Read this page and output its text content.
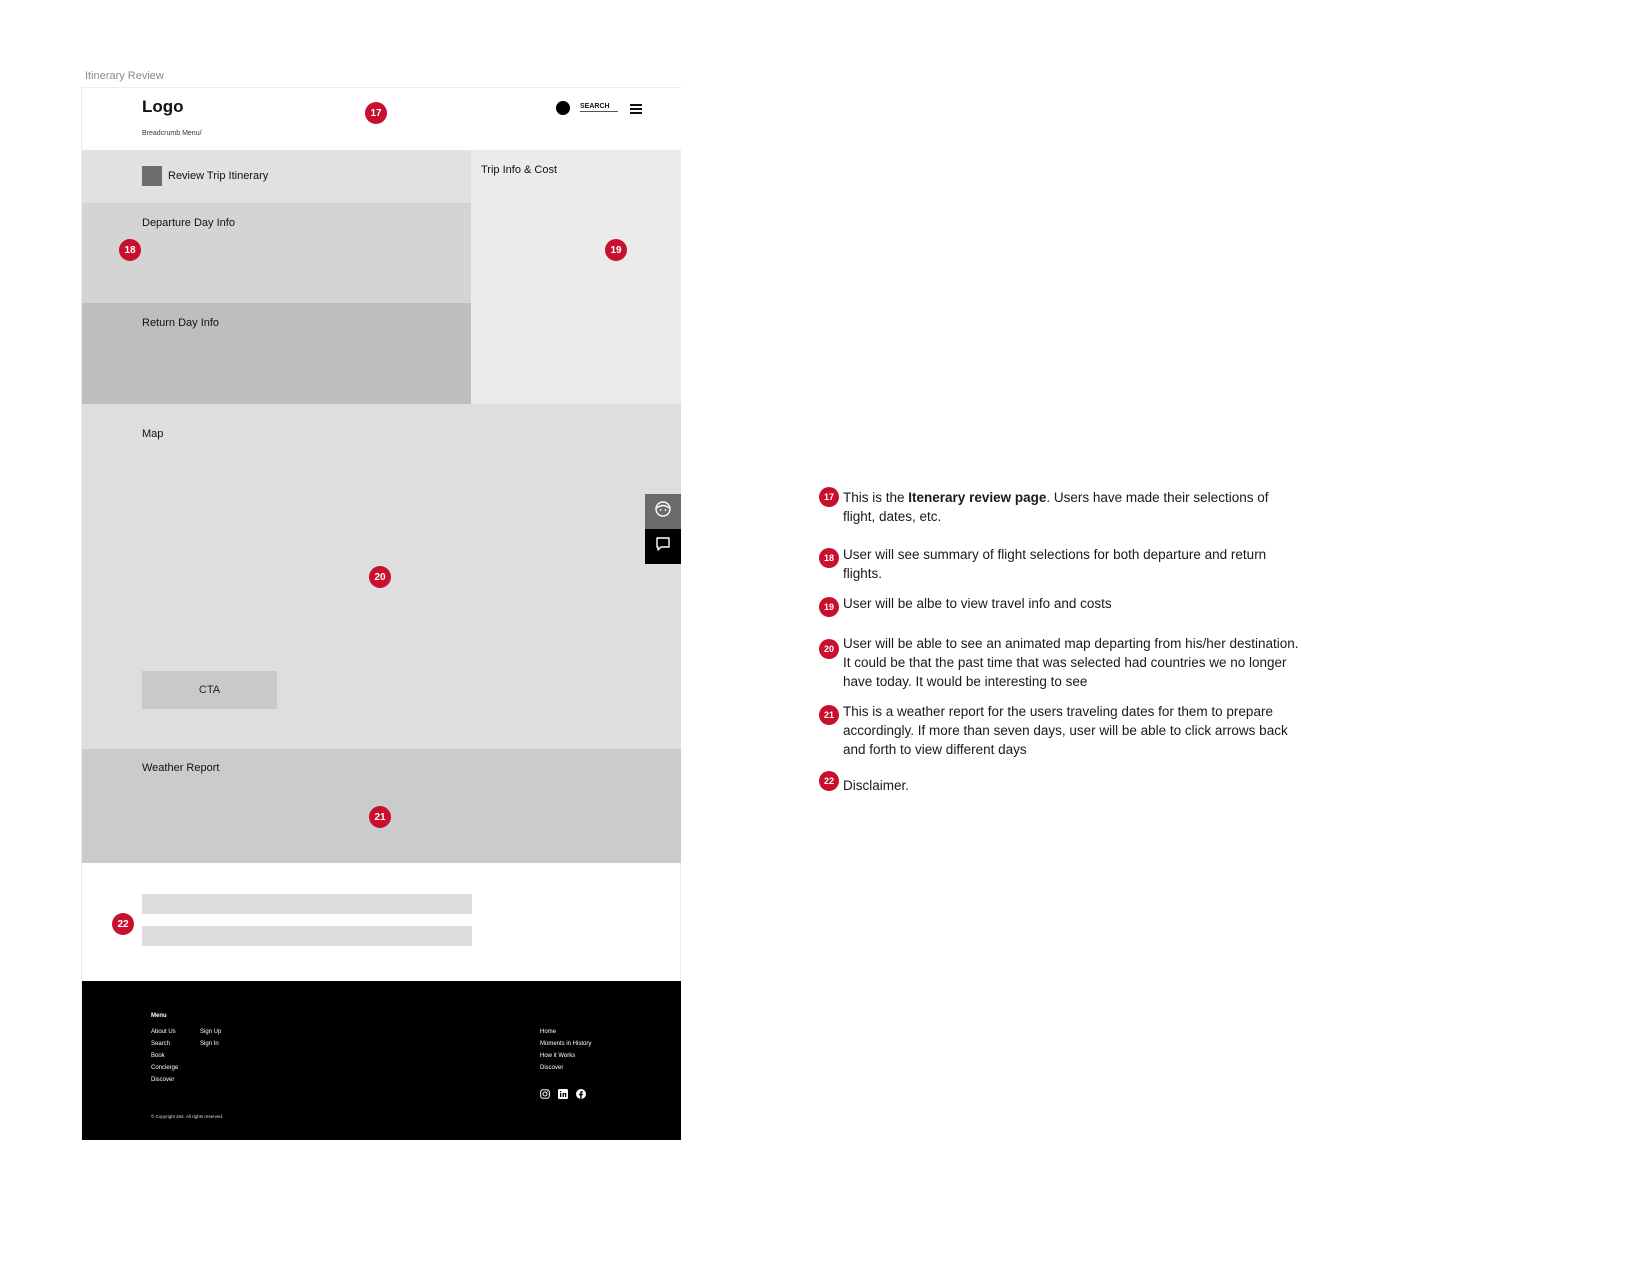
Itinerary Review
Logo
Breadcrumb Menu/
SEARCH
17
Review Trip Itinerary
Departure Day Info
18
Return Day Info
Trip Info & Cost
19
Map
20
CTA
Weather Report
21
22
Menu
About Us
Search
Book
Concierge
Discover
Sign Up
Sign In
Home
Moments in History
How it Works
Discover
© Copyright Zeit. All rights reserved.
17 This is the Itenerary review page. Users have made their selections of flight, dates, etc.
18 User will see summary of flight selections for both departure and return flights.
19 User will be albe to view travel info and costs
20 User will be able to see an animated map departing from his/her destination. It could be that the past time that was selected had countries we no longer have today. It would be interesting to see
21 This is a weather report for the users traveling dates for them to prepare accordingly. If more than seven days, user will be able to click arrows back and forth to view different days
22 Disclaimer.
